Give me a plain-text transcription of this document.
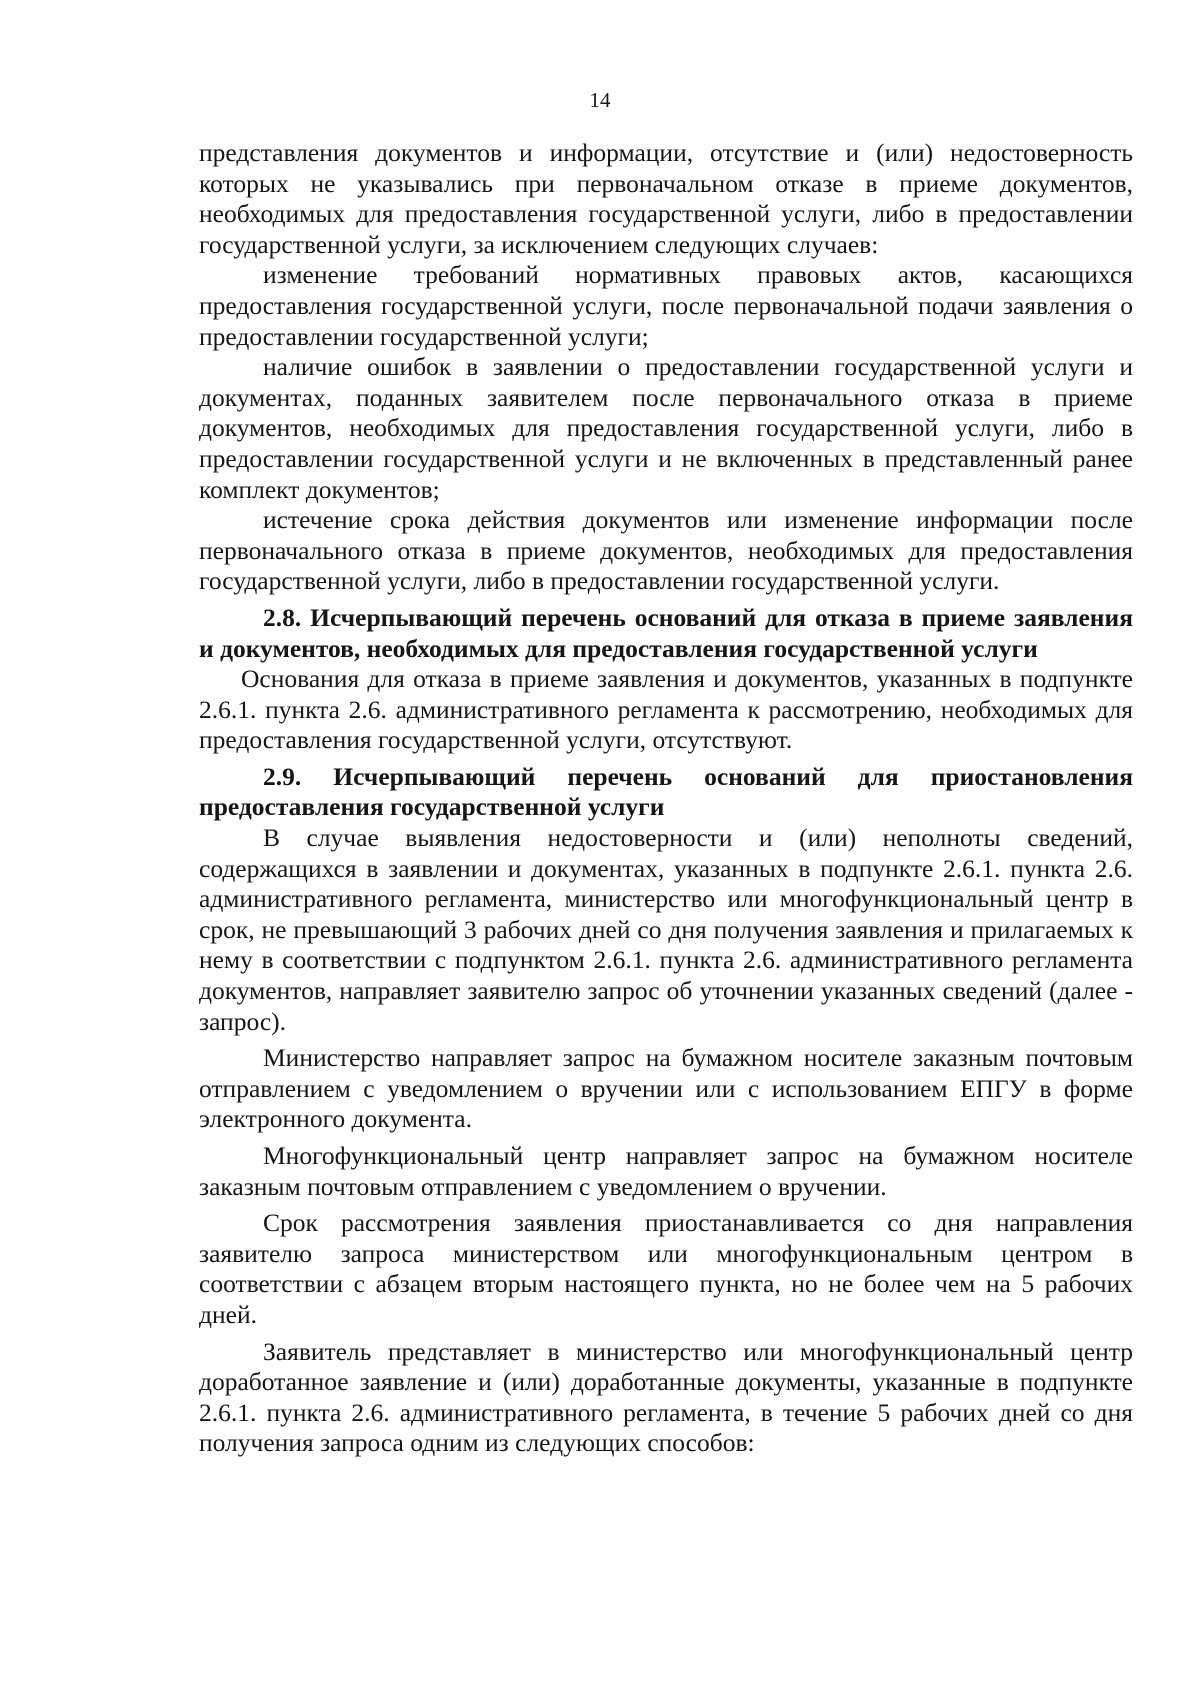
14

представления документов и информации, отсутствие и (или) недостоверность которых не указывались при первоначальном отказе в приеме документов, необходимых для предоставления государственной услуги, либо в предоставлении государственной услуги, за исключением следующих случаев:

изменение требований нормативных правовых актов, касающихся предоставления государственной услуги, после первоначальной подачи заявления о предоставлении государственной услуги;

наличие ошибок в заявлении о предоставлении государственной услуги и документах, поданных заявителем после первоначального отказа в приеме документов, необходимых для предоставления государственной услуги, либо в предоставлении государственной услуги и не включенных в представленный ранее комплект документов;

истечение срока действия документов или изменение информации после первоначального отказа в приеме документов, необходимых для предоставления государственной услуги, либо в предоставлении государственной услуги.

2.8. Исчерпывающий перечень оснований для отказа в приеме заявления и документов, необходимых для предоставления государственной услуги

Основания для отказа в приеме заявления и документов, указанных в подпункте 2.6.1. пункта 2.6. административного регламента к рассмотрению, необходимых для предоставления государственной услуги, отсутствуют.

2.9. Исчерпывающий перечень оснований для приостановления предоставления государственной услуги

В случае выявления недостоверности и (или) неполноты сведений, содержащихся в заявлении и документах, указанных в подпункте 2.6.1. пункта 2.6. административного регламента, министерство или многофункциональный центр в срок, не превышающий 3 рабочих дней со дня получения заявления и прилагаемых к нему в соответствии с подпунктом 2.6.1. пункта 2.6. административного регламента документов, направляет заявителю запрос об уточнении указанных сведений (далее - запрос).

Министерство направляет запрос на бумажном носителе заказным почтовым отправлением с уведомлением о вручении или с использованием ЕПГУ в форме электронного документа.

Многофункциональный центр направляет запрос на бумажном носителе заказным почтовым отправлением с уведомлением о вручении.

Срок рассмотрения заявления приостанавливается со дня направления заявителю запроса министерством или многофункциональным центром в соответствии с абзацем вторым настоящего пункта, но не более чем на 5 рабочих дней.

Заявитель представляет в министерство или многофункциональный центр доработанное заявление и (или) доработанные документы, указанные в подпункте 2.6.1. пункта 2.6. административного регламента, в течение 5 рабочих дней со дня получения запроса одним из следующих способов:
